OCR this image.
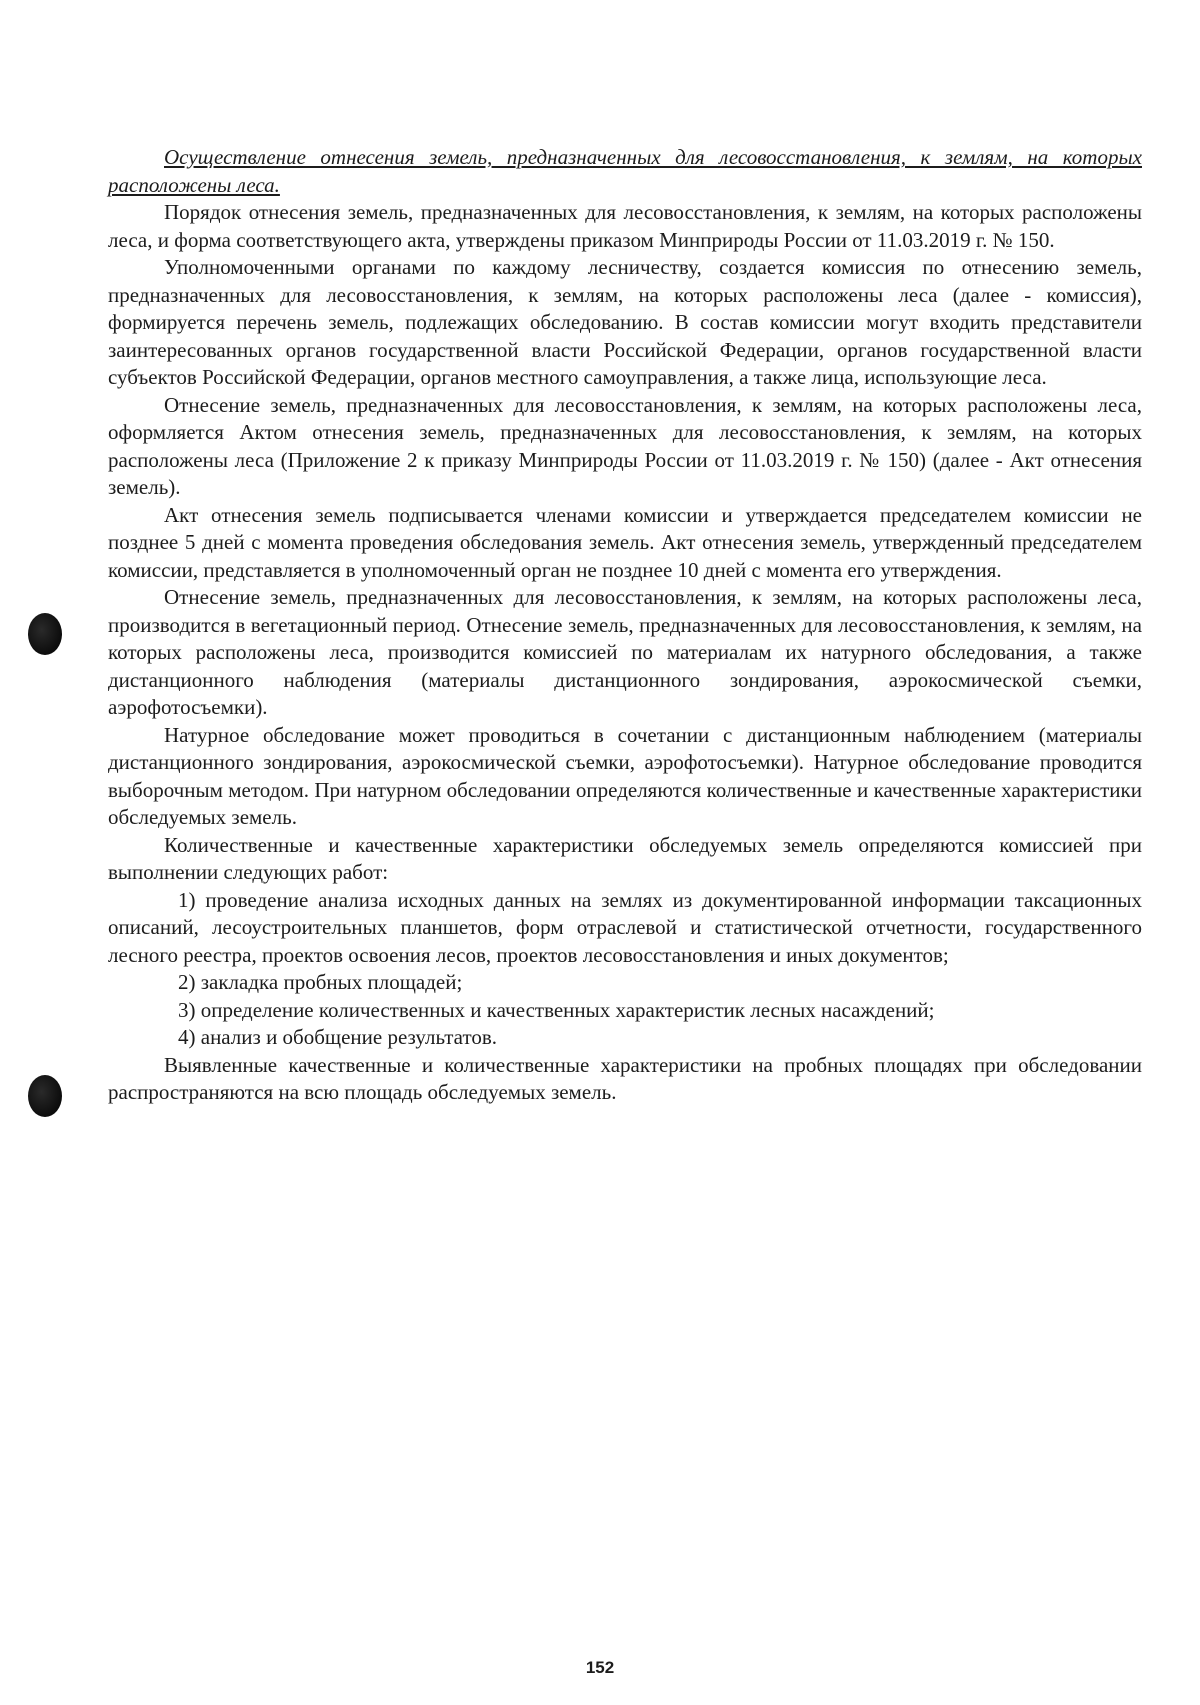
Осуществление отнесения земель, предназначенных для лесовосстановления, к землям, на которых расположены леса.

Порядок отнесения земель, предназначенных для лесовосстановления, к землям, на которых расположены леса, и форма соответствующего акта, утверждены приказом Минприроды России от 11.03.2019 г. № 150.

Уполномоченными органами по каждому лесничеству, создается комиссия по отнесению земель, предназначенных для лесовосстановления, к землям, на которых расположены леса (далее - комиссия), формируется перечень земель, подлежащих обследованию. В состав комиссии могут входить представители заинтересованных органов государственной власти Российской Федерации, органов государственной власти субъектов Российской Федерации, органов местного самоуправления, а также лица, использующие леса.

Отнесение земель, предназначенных для лесовосстановления, к землям, на которых расположены леса, оформляется Актом отнесения земель, предназначенных для лесовосстановления, к землям, на которых расположены леса (Приложение 2 к приказу Минприроды России от 11.03.2019 г. № 150) (далее - Акт отнесения земель).

Акт отнесения земель подписывается членами комиссии и утверждается председателем комиссии не позднее 5 дней с момента проведения обследования земель. Акт отнесения земель, утвержденный председателем комиссии, представляется в уполномоченный орган не позднее 10 дней с момента его утверждения.

Отнесение земель, предназначенных для лесовосстановления, к землям, на которых расположены леса, производится в вегетационный период. Отнесение земель, предназначенных для лесовосстановления, к землям, на которых расположены леса, производится комиссией по материалам их натурного обследования, а также дистанционного наблюдения (материалы дистанционного зондирования, аэрокосмической съемки, аэрофотосъемки).

Натурное обследование может проводиться в сочетании с дистанционным наблюдением (материалы дистанционного зондирования, аэрокосмической съемки, аэрофотосъемки). Натурное обследование проводится выборочным методом. При натурном обследовании определяются количественные и качественные характеристики обследуемых земель.

Количественные и качественные характеристики обследуемых земель определяются комиссией при выполнении следующих работ:

1) проведение анализа исходных данных на землях из документированной информации таксационных описаний, лесоустроительных планшетов, форм отраслевой и статистической отчетности, государственного лесного реестра, проектов освоения лесов, проектов лесовосстановления и иных документов;

2) закладка пробных площадей;

3) определение количественных и качественных характеристик лесных насаждений;

4) анализ и обобщение результатов.

Выявленные качественные и количественные характеристики на пробных площадях при обследовании распространяются на всю площадь обследуемых земель.

152
